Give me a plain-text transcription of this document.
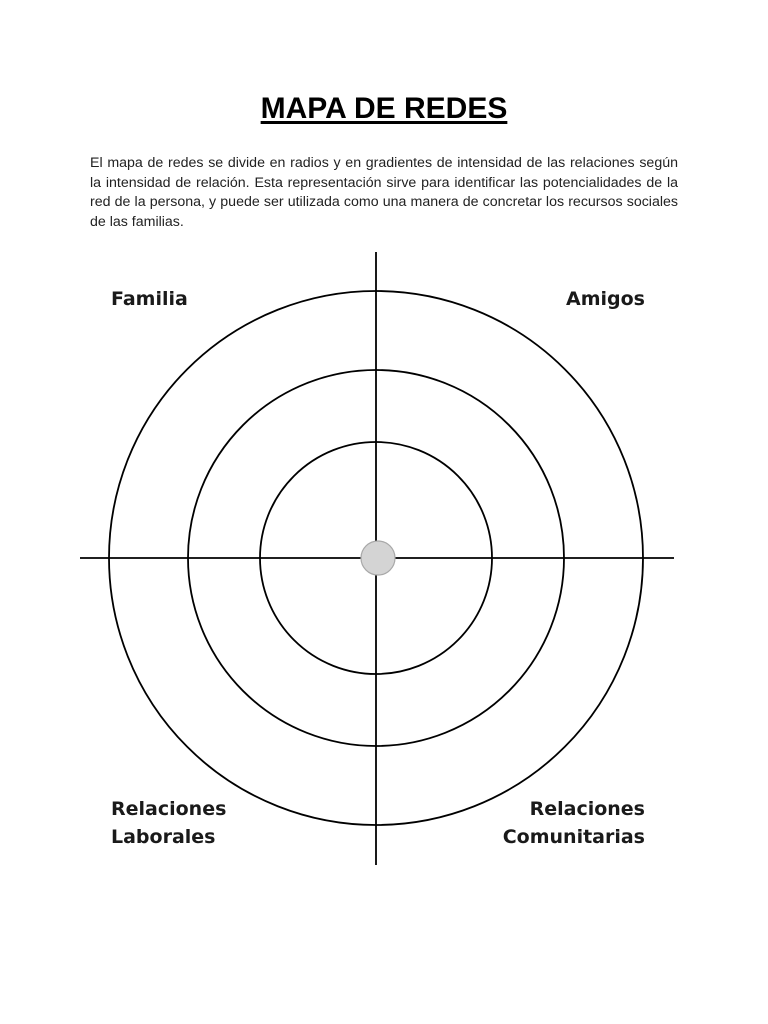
MAPA DE REDES

El mapa de redes se divide en radios y en gradientes de intensidad de las relaciones según la intensidad de relación. Esta representación sirve para identificar las potencialidades de la red de la persona, y puede ser utilizada como una manera de concretar los recursos sociales de las familias.

Familia	Amigos
Relaciones
Laborales
Relaciones
Comunitarias
